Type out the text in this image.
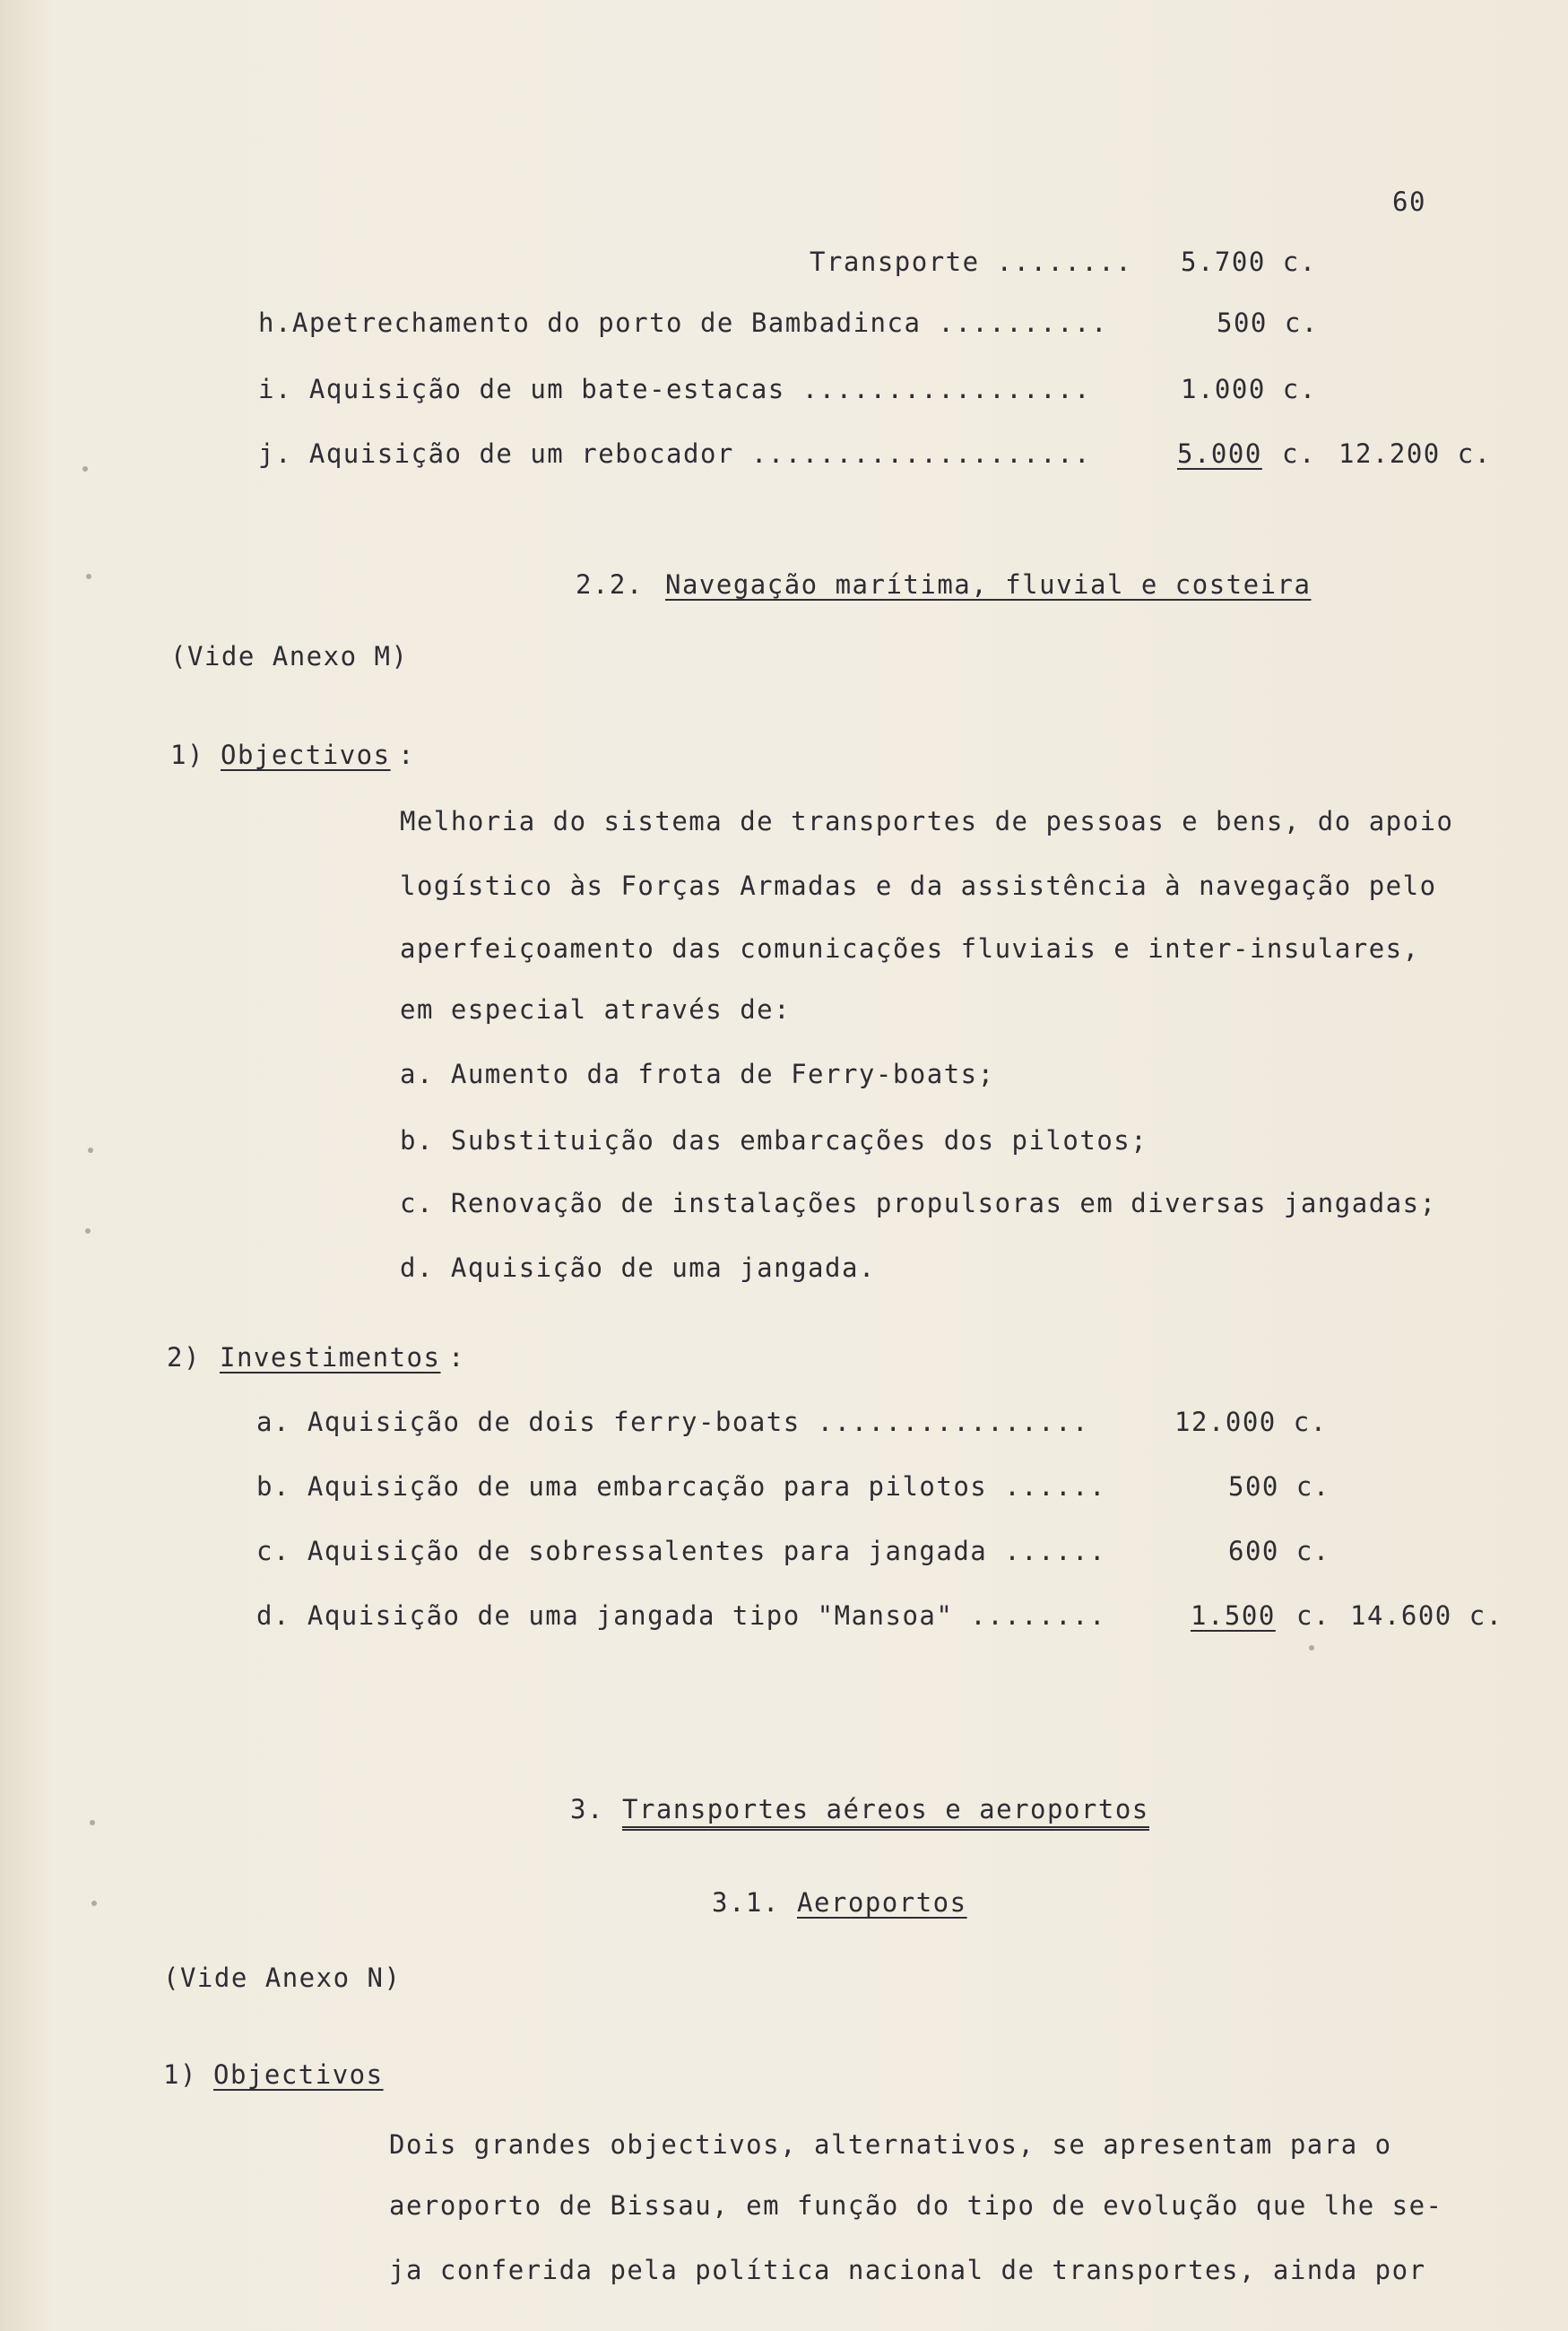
60
Transporte ........ 5.700 c.
h.Apetrechamento do porto de Bambadinca ..........	500 c.
i. Aquisição de um bate-estacas .................	1.000 c.
j. Aquisição de um rebocador ....................	5.000 c. 12.200 c.
2.2. Navegação marítima, fluvial e costeira
(Vide Anexo M)
1) Objectivos :
Melhoria do sistema de transportes de pessoas e bens, do apoio
logístico às Forças Armadas e da assistência à navegação pelo
aperfeiçoamento das comunicações fluviais e inter-insulares,
em especial através de:
a. Aumento da frota de Ferry-boats;
b. Substituição das embarcações dos pilotos;
c. Renovação de instalações propulsoras em diversas jangadas;
d. Aquisição de uma jangada.
2) Investimentos :
a. Aquisição de dois ferry-boats ................	12.000 c.
b. Aquisição de uma embarcação para pilotos ......	500 c.
c. Aquisição de sobressalentes para jangada ......	600 c.
d. Aquisição de uma jangada tipo "Mansoa" ........	1.500 c. 14.600 c.
3. Transportes aéreos e aeroportos
3.1. Aeroportos
(Vide Anexo N)
1) Objectivos
Dois grandes objectivos, alternativos, se apresentam para o
aeroporto de Bissau, em função do tipo de evolução que lhe se-
ja conferida pela política nacional de transportes, ainda por
